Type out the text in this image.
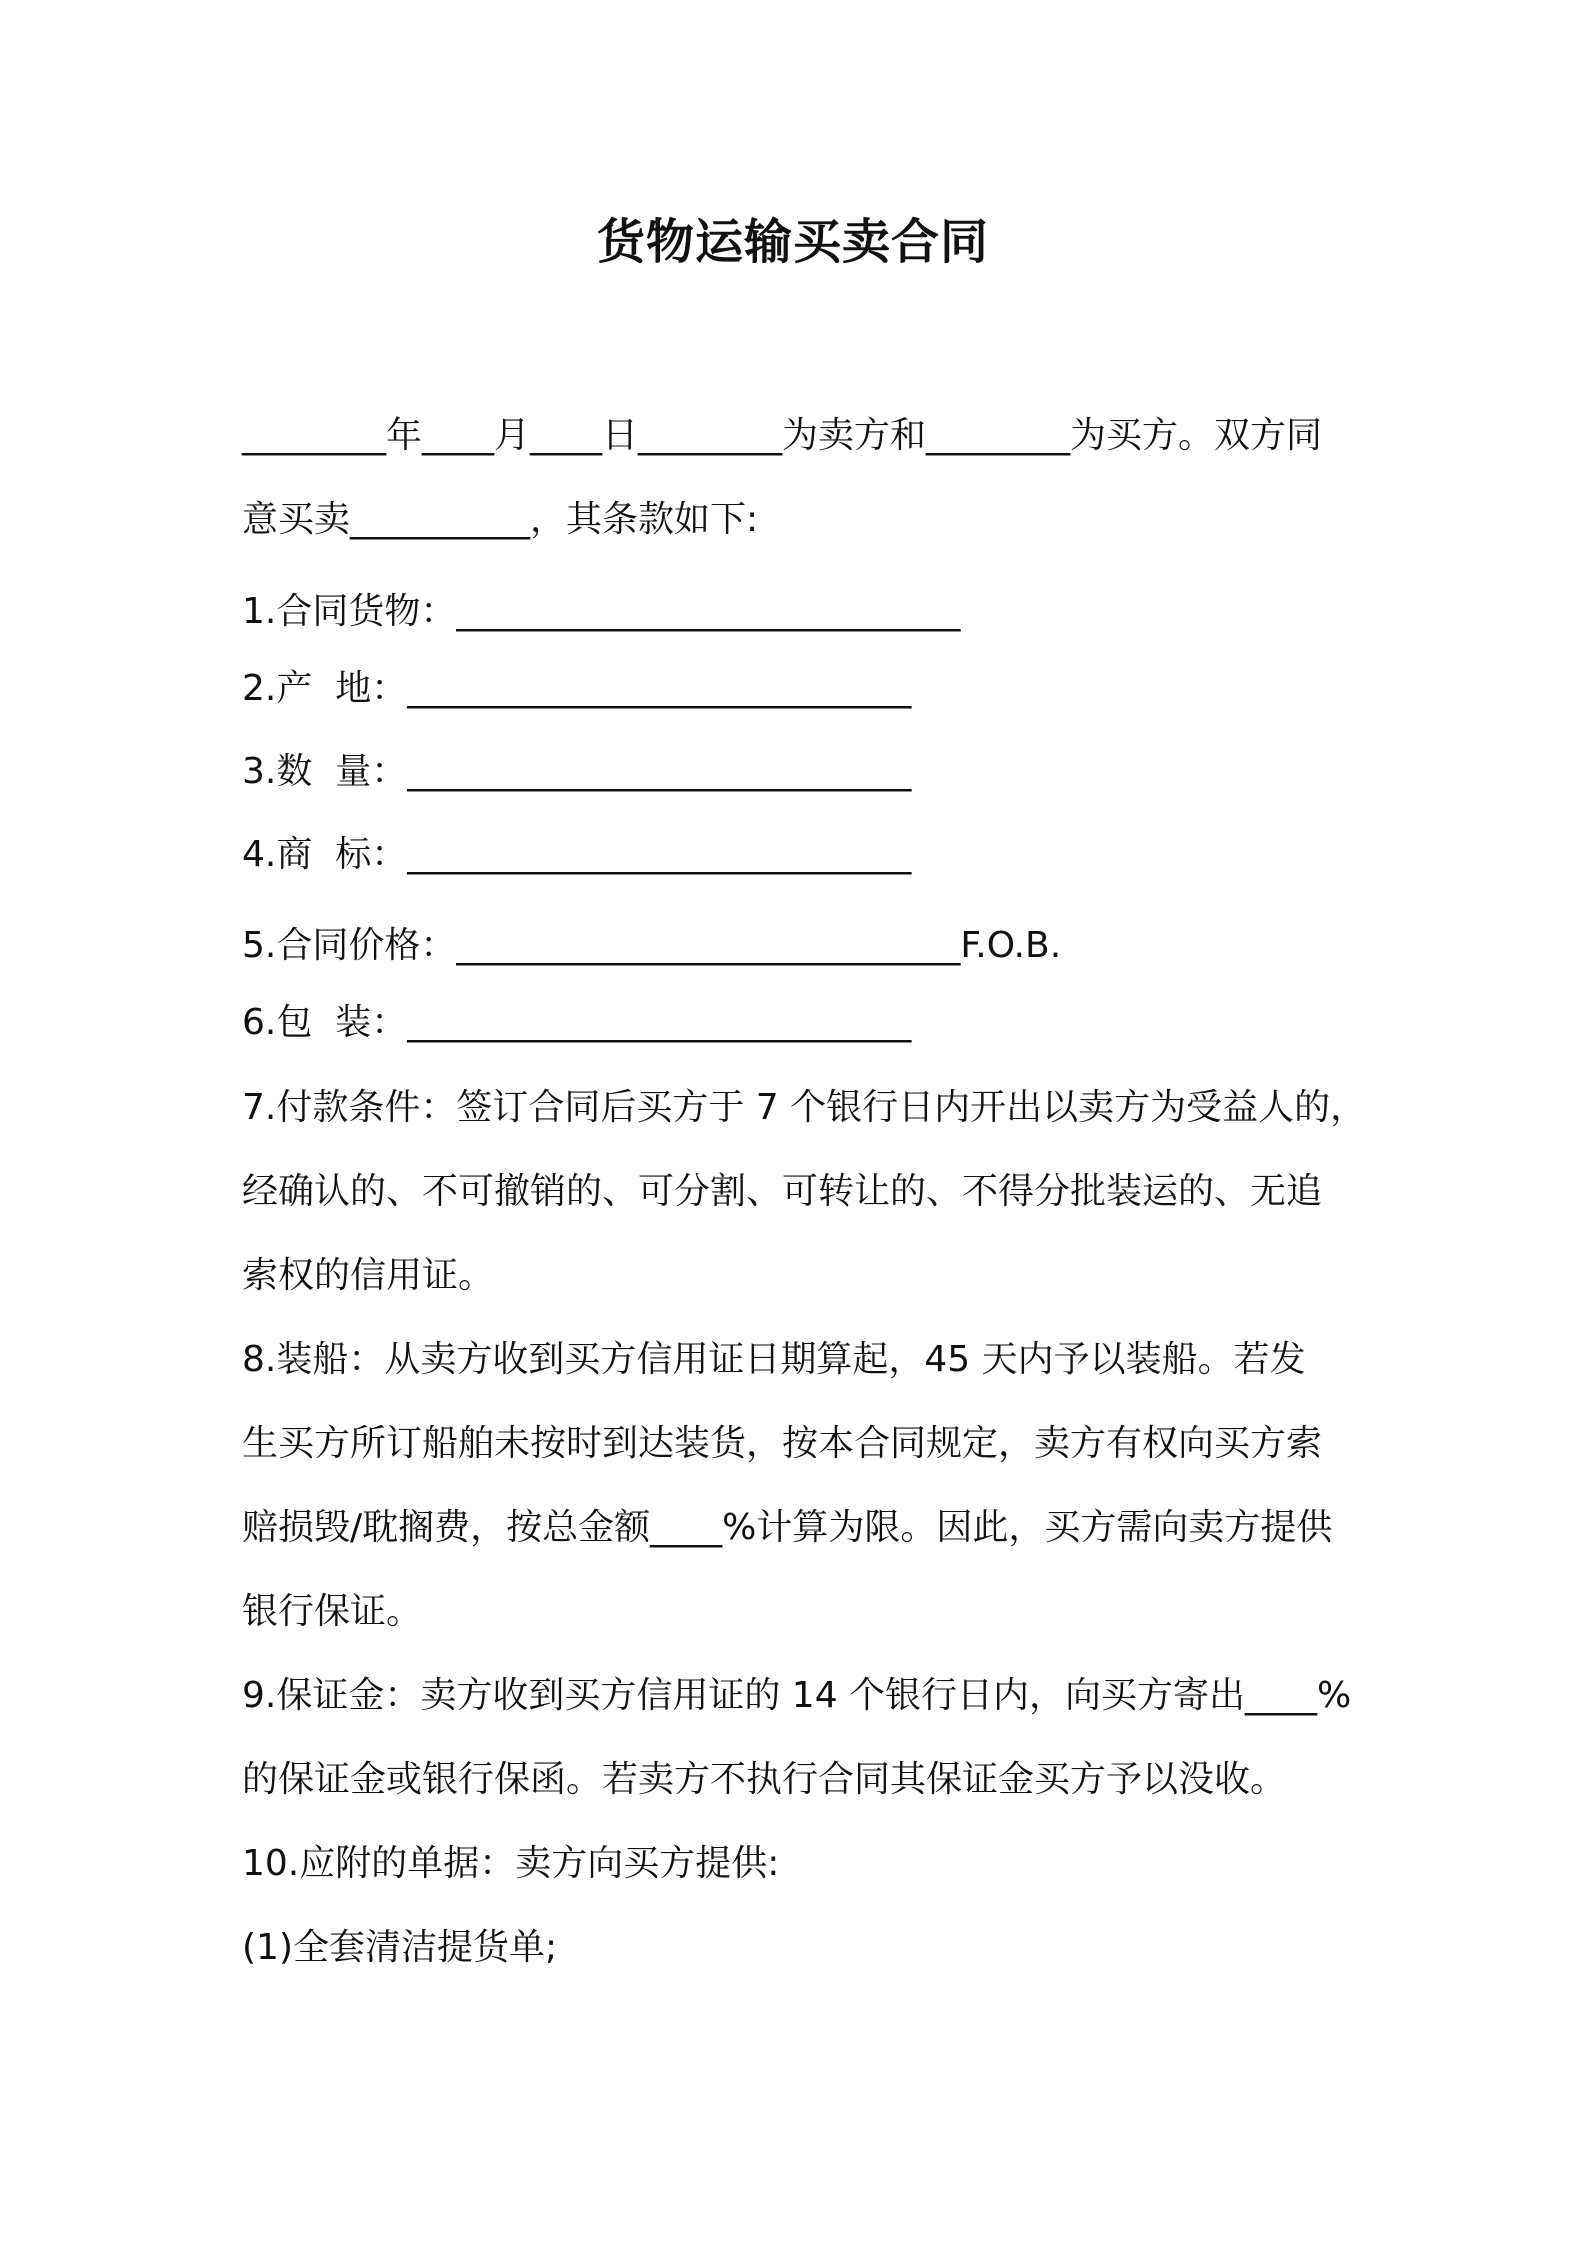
货物运输买卖合同
________年____月____日________为卖方和________为买方。双方同
意买卖__________，其条款如下:
1.合同货物：____________________________
2.产  地：____________________________
3.数  量：____________________________
4.商  标：____________________________
5.合同价格：____________________________F.O.B.
6.包  装：____________________________
7.付款条件：签订合同后买方于 7 个银行日内开出以卖方为受益人的，
经确认的、不可撤销的、可分割、可转让的、不得分批装运的、无追
索权的信用证。
8.装船：从卖方收到买方信用证日期算起，45 天内予以装船。若发
生买方所订船舶未按时到达装货，按本合同规定，卖方有权向买方索
赔损毁/耽搁费，按总金额____%计算为限。因此，买方需向卖方提供
银行保证。
9.保证金：卖方收到买方信用证的 14 个银行日内，向买方寄出____%
的保证金或银行保函。若卖方不执行合同其保证金买方予以没收。
10.应附的单据：卖方向买方提供:
(1)全套清洁提货单;
